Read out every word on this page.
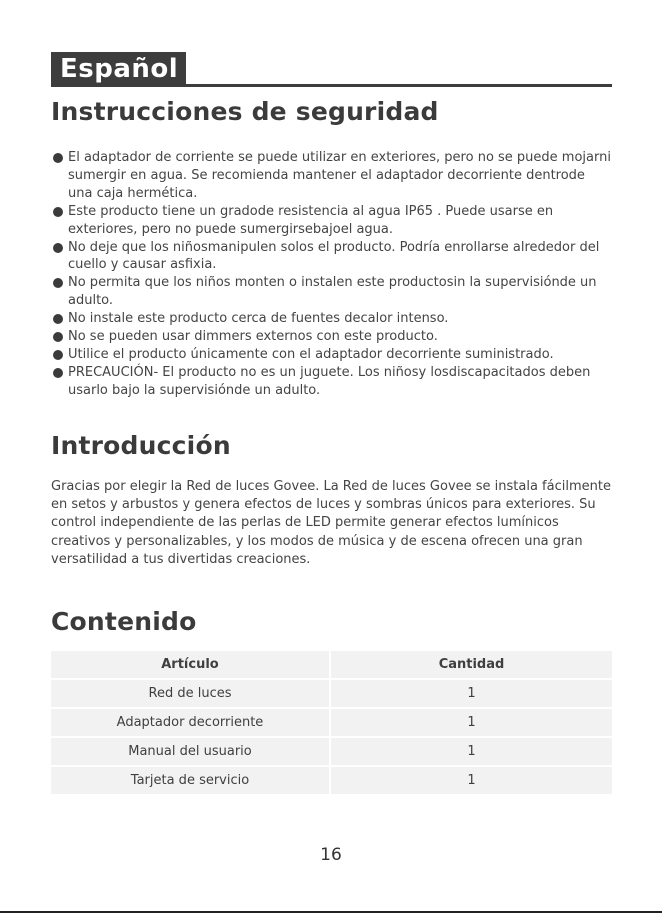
Español
Instrucciones de seguridad
El adaptador de corriente se puede utilizar en exteriores, pero no se puede mojarni sumergir en agua. Se recomienda mantener el adaptador decorriente dentrode una caja hermética.
Este producto tiene un gradode resistencia al agua IP65 . Puede usarse en exteriores, pero no puede sumergirsebajoel agua.
No deje que los niñosmanipulen solos el producto. Podría enrollarse alrededor del cuello y causar asfixia.
No permita que los niños monten o instalen este productosin la supervisiónde un adulto.
No instale este producto cerca de fuentes decalor intenso.
No se pueden usar dimmers externos con este producto.
Utilice el producto únicamente con el adaptador decorriente suministrado.
PRECAUCIÓN- El producto no es un juguete. Los niñosy losdiscapacitados deben usarlo bajo la supervisiónde un adulto.
Introducción

Gracias por elegir la Red de luces Govee. La Red de luces Govee se instala fácilmente en setos y arbustos y genera efectos de luces y sombras únicos para exteriores. Su control independiente de las perlas de LED permite generar efectos lumínicos creativos y personalizables, y los modos de música y de escena ofrecen una gran versatilidad a tus divertidas creaciones.

Contenido
Artículo	Cantidad
Red de luces	1
Adaptador decorriente	1
Manual del usuario	1
Tarjeta de servicio	1
16
